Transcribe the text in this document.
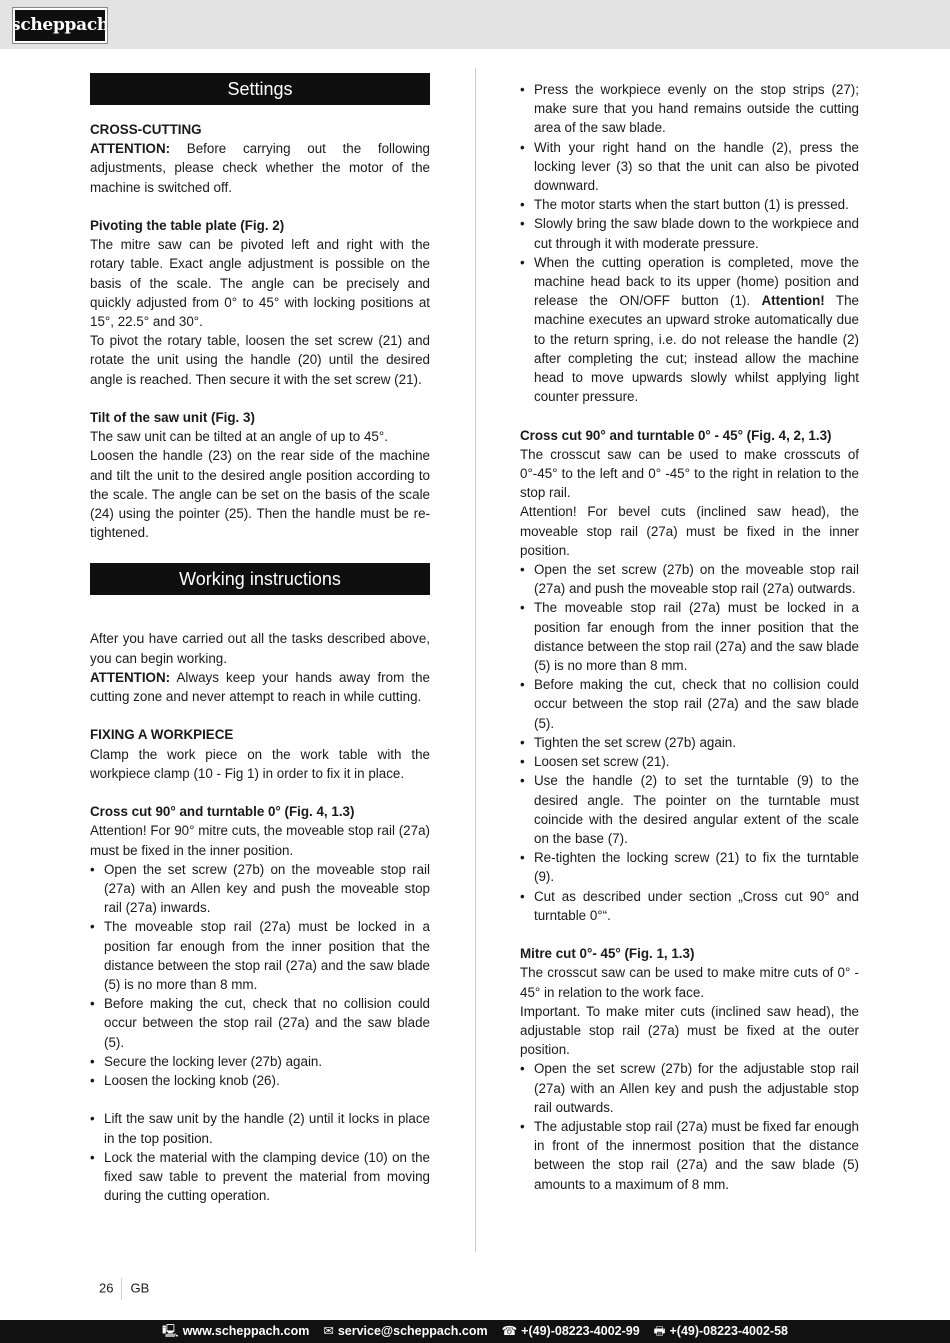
scheppach
Settings

CROSS-CUTTING

ATTENTION: Before carrying out the following adjustments, please check whether the motor of the machine is switched off.

Pivoting the table plate (Fig. 2)

The mitre saw can be pivoted left and right with the rotary table. Exact angle adjustment is possible on the basis of the scale. The angle can be precisely and quickly adjusted from 0° to 45° with locking positions at 15°, 22.5° and 30°.

To pivot the rotary table, loosen the set screw (21) and rotate the unit using the handle (20) until the desired angle is reached. Then secure it with the set screw (21).

Tilt of the saw unit (Fig. 3)

The saw unit can be tilted at an angle of up to 45°.

Loosen the handle (23) on the rear side of the machine and tilt the unit to the desired angle position according to the scale. The angle can be set on the basis of the scale (24) using the pointer (25). Then the handle must be re-tightened.

Working instructions

After you have carried out all the tasks described above, you can begin working.

ATTENTION: Always keep your hands away from the cutting zone and never attempt to reach in while cutting.

FIXING A WORKPIECE

Clamp the work piece on the work table with the workpiece clamp (10 - Fig 1) in order to fix it in place.

Cross cut 90° and turntable 0° (Fig. 4, 1.3)

Attention! For 90° mitre cuts, the moveable stop rail (27a) must be fixed in the inner position.

• Open the set screw (27b) on the moveable stop rail (27a) with an Allen key and push the moveable stop rail (27a) inwards.
• The moveable stop rail (27a) must be locked in a position far enough from the inner position that the distance between the stop rail (27a) and the saw blade (5) is no more than 8 mm.
• Before making the cut, check that no collision could occur between the stop rail (27a) and the saw blade (5).
• Secure the locking lever (27b) again.
• Loosen the locking knob (26).
• Lift the saw unit by the handle (2) until it locks in place in the top position.
• Lock the material with the clamping device (10) on the fixed saw table to prevent the material from moving during the cutting operation.
• Press the workpiece evenly on the stop strips (27); make sure that you hand remains outside the cutting area of the saw blade.
• With your right hand on the handle (2), press the locking lever (3) so that the unit can also be pivoted downward.
• The motor starts when the start button (1) is pressed.
• Slowly bring the saw blade down to the workpiece and cut through it with moderate pressure.
• When the cutting operation is completed, move the machine head back to its upper (home) position and release the ON/OFF button (1). Attention! The machine executes an upward stroke automatically due to the return spring, i.e. do not release the handle (2) after completing the cut; instead allow the machine head to move upwards slowly whilst applying light counter pressure.

Cross cut 90° and turntable 0° - 45° (Fig. 4, 2, 1.3)

The crosscut saw can be used to make crosscuts of 0°-45° to the left and 0° -45° to the right in relation to the stop rail.

Attention! For bevel cuts (inclined saw head), the moveable stop rail (27a) must be fixed in the inner position.

• Open the set screw (27b) on the moveable stop rail (27a) and push the moveable stop rail (27a) outwards.
• The moveable stop rail (27a) must be locked in a position far enough from the inner position that the distance between the stop rail (27a) and the saw blade (5) is no more than 8 mm.
• Before making the cut, check that no collision could occur between the stop rail (27a) and the saw blade (5).
• Tighten the set screw (27b) again.
• Loosen set screw (21).
• Use the handle (2) to set the turntable (9) to the desired angle. The pointer on the turntable must coincide with the desired angular extent of the scale on the base (7).
• Re-tighten the locking screw (21) to fix the turntable (9).
• Cut as described under section „Cross cut 90° and turntable 0°“.

Mitre cut 0°- 45° (Fig. 1, 1.3)

The crosscut saw can be used to make mitre cuts of 0° - 45° in relation to the work face.

Important. To make miter cuts (inclined saw head), the adjustable stop rail (27a) must be fixed at the outer position.

• Open the set screw (27b) for the adjustable stop rail (27a) with an Allen key and push the adjustable stop rail outwards.
• The adjustable stop rail (27a) must be fixed far enough in front of the innermost position that the distance between the stop rail (27a) and the saw blade (5) amounts to a maximum of 8 mm.
26 GB
🖳 www.scheppach.com ✉ service@scheppach.com ☎ +(49)-08223-4002-99 🖶 +(49)-08223-4002-58
